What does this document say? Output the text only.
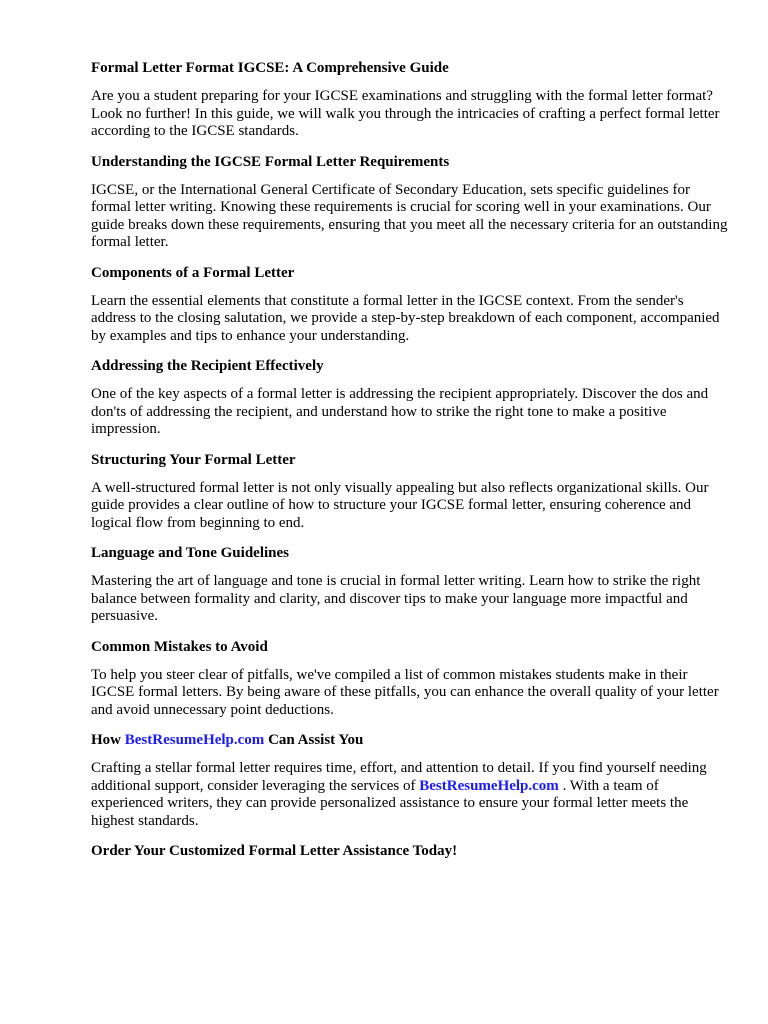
Formal Letter Format IGCSE: A Comprehensive Guide

Are you a student preparing for your IGCSE examinations and struggling with the formal letter format? Look no further! In this guide, we will walk you through the intricacies of crafting a perfect formal letter according to the IGCSE standards.

Understanding the IGCSE Formal Letter Requirements

IGCSE, or the International General Certificate of Secondary Education, sets specific guidelines for formal letter writing. Knowing these requirements is crucial for scoring well in your examinations. Our guide breaks down these requirements, ensuring that you meet all the necessary criteria for an outstanding formal letter.

Components of a Formal Letter

Learn the essential elements that constitute a formal letter in the IGCSE context. From the sender's address to the closing salutation, we provide a step-by-step breakdown of each component, accompanied by examples and tips to enhance your understanding.

Addressing the Recipient Effectively

One of the key aspects of a formal letter is addressing the recipient appropriately. Discover the dos and don'ts of addressing the recipient, and understand how to strike the right tone to make a positive impression.

Structuring Your Formal Letter

A well-structured formal letter is not only visually appealing but also reflects organizational skills. Our guide provides a clear outline of how to structure your IGCSE formal letter, ensuring coherence and logical flow from beginning to end.

Language and Tone Guidelines

Mastering the art of language and tone is crucial in formal letter writing. Learn how to strike the right balance between formality and clarity, and discover tips to make your language more impactful and persuasive.

Common Mistakes to Avoid

To help you steer clear of pitfalls, we've compiled a list of common mistakes students make in their IGCSE formal letters. By being aware of these pitfalls, you can enhance the overall quality of your letter and avoid unnecessary point deductions.

How BestResumeHelp.com Can Assist You

Crafting a stellar formal letter requires time, effort, and attention to detail. If you find yourself needing additional support, consider leveraging the services of BestResumeHelp.com . With a team of experienced writers, they can provide personalized assistance to ensure your formal letter meets the highest standards.

Order Your Customized Formal Letter Assistance Today!
